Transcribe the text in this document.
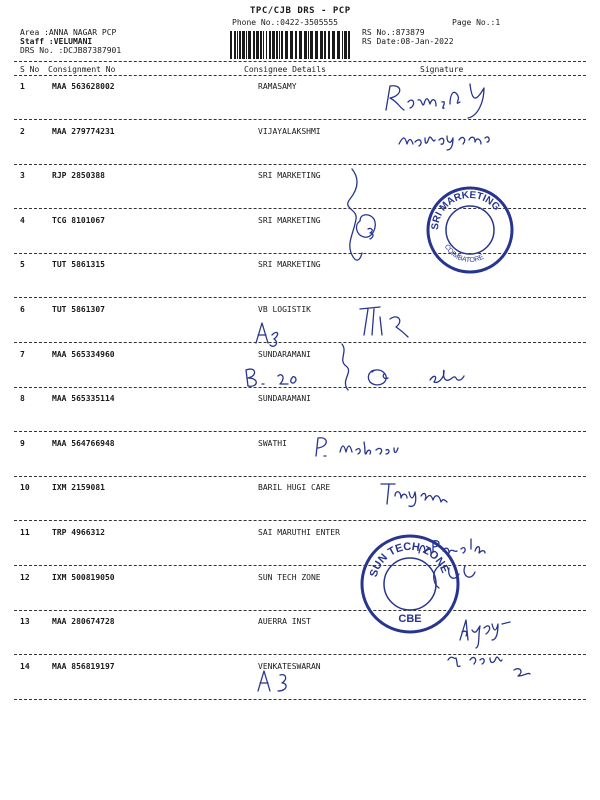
TPC/CJB DRS - PCP
Phone No.:0422-3505555	Page No.:1
Area :ANNA NAGAR PCP
Staff :VELUMANI
DRS No. :DCJB87387901
RS No.:873879
RS Date:08-Jan-2022
S No Consignment No	Consignee Details	Signature
1	MAA 563628002	RAMASAMY
2	MAA 279774231	VIJAYALAKSHMI
3	RJP 2850388	SRI MARKETING
4	TCG 8101067	SRI MARKETING
5	TUT 5861315	SRI MARKETING
6	TUT 5861307	VB LOGISTIK
7	MAA 565334960	SUNDARAMANI
8	MAA 565335114	SUNDARAMANI
9	MAA 564766948	SWATHI
10	IXM 2159081	BARIL HUGI CARE
11	TRP 4966312	SAI MARUTHI ENTER
12	IXM 500819050	SUN TECH ZONE
13	MAA 280674728	AUERRA INST
14	MAA 856819197	VENKATESWARAN
SRI MARKETING
COIMBATORE
SUN TECH ZONE
CBE
